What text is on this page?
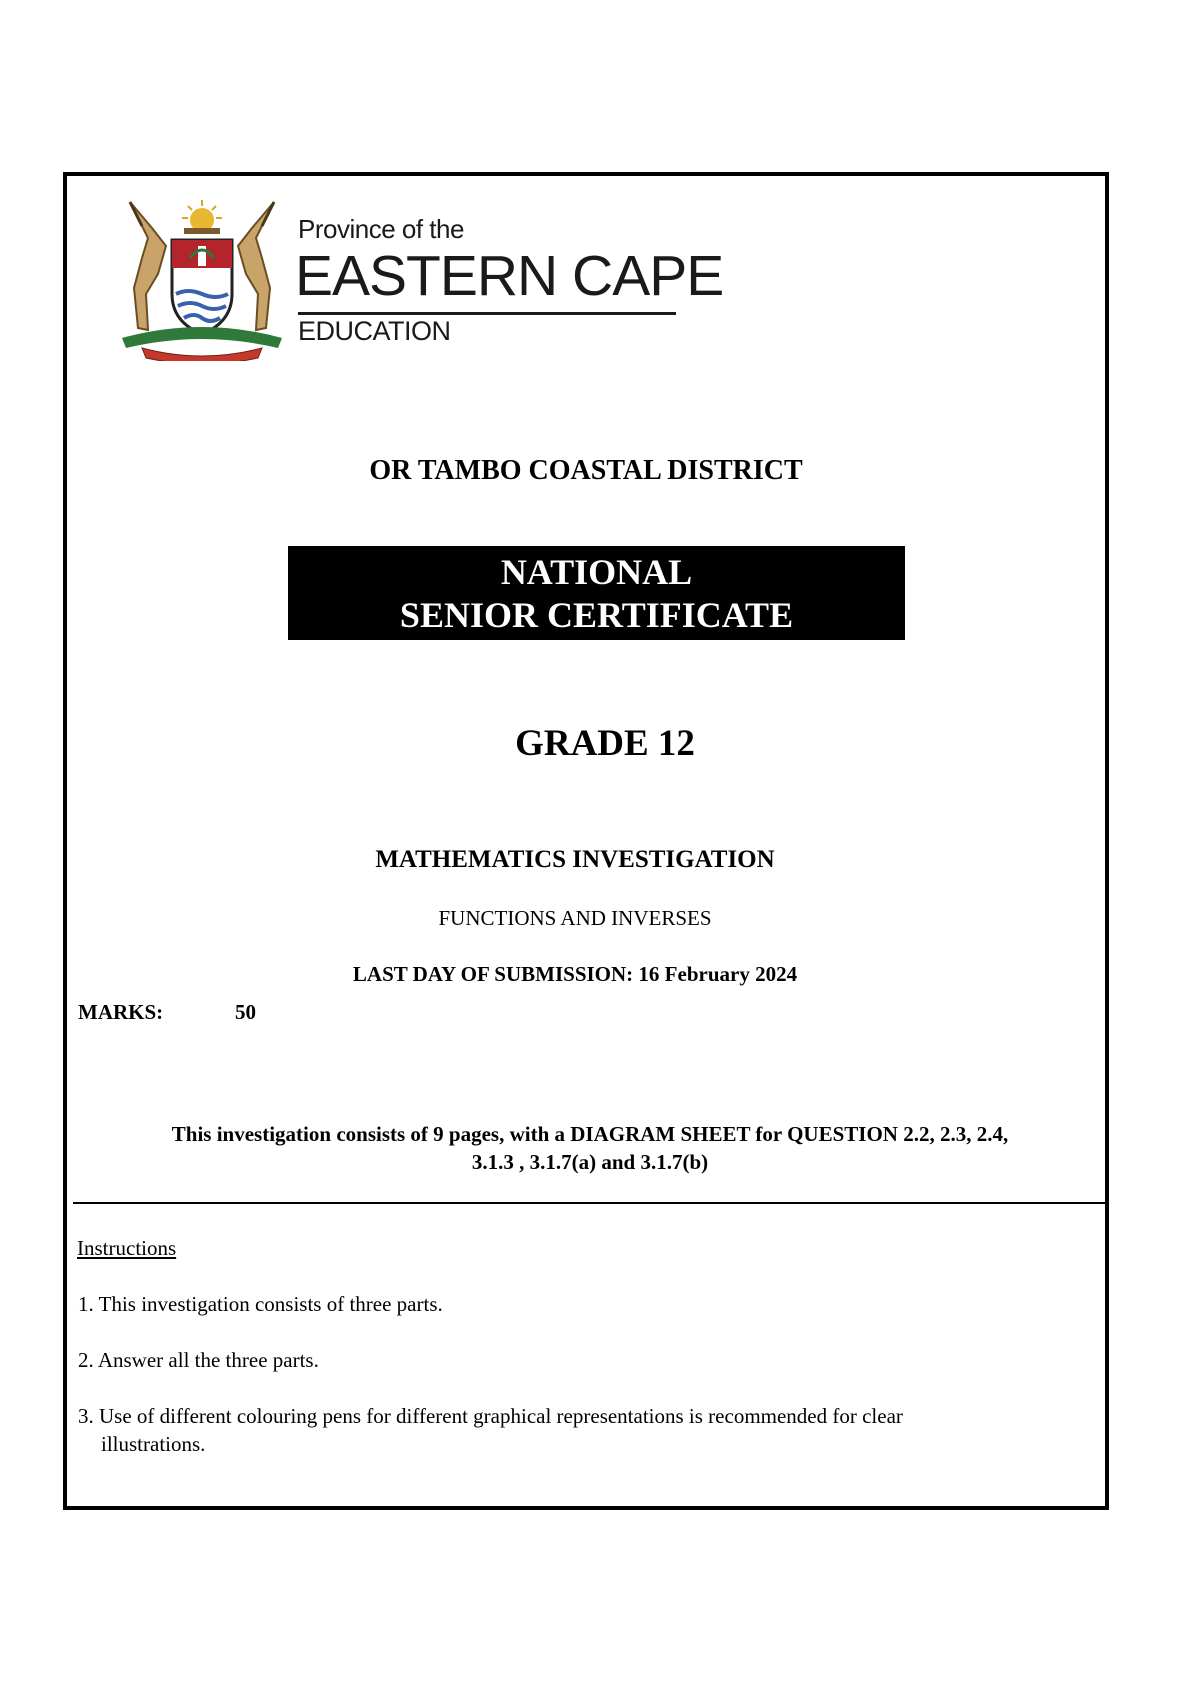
Province of the
EASTERN CAPE
EDUCATION
OR TAMBO COASTAL DISTRICT
NATIONAL
SENIOR CERTIFICATE
GRADE 12
MATHEMATICS INVESTIGATION
FUNCTIONS AND INVERSES
LAST DAY OF SUBMISSION: 16 February 2024
MARKS:	50
This investigation consists of 9 pages, with a DIAGRAM SHEET for QUESTION 2.2, 2.3, 2.4,
3.1.3 , 3.1.7(a) and 3.1.7(b)
Instructions
1. This investigation consists of three parts.
2. Answer all the three parts.
3. Use of different colouring pens for different graphical representations is recommended for clear
illustrations.
